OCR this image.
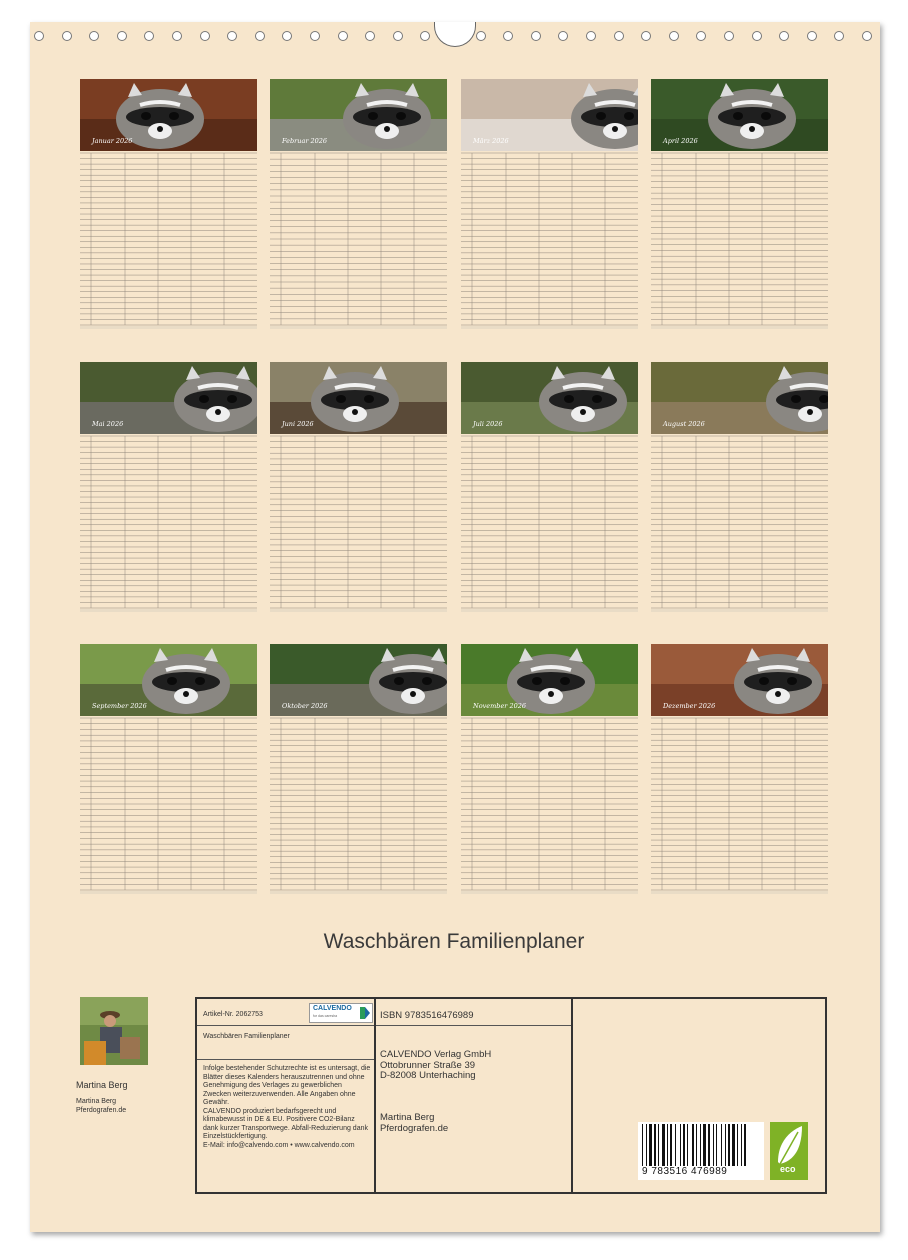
Januar 2026	Februar 2026	März 2026	April 2026
Mai 2026	Juni 2026	Juli 2026	August 2026
September 2026	Oktober 2026	November 2026	Dezember 2026
Waschbären Familienplaner
Martina Berg
Martina Berg
Pferdografen.de
Artikel-Nr. 2062753
CALVENDO
for das caresha
Waschbären Familienplaner
Infolge bestehender Schutzrechte ist es untersagt, die Blätter dieses Kalenders herauszutrennen und ohne Genehmigung des Verlages zu gewerblichen Zwecken weiterzuverwenden. Alle Angaben ohne Gewähr.
CALVENDO produziert bedarfsgerecht und klimabewusst in DE & EU. Positivere CO2-Bilanz dank kurzer Transportwege. Abfall-Reduzierung dank Einzelstückfertigung.
E-Mail: info@calvendo.com • www.calvendo.com
ISBN 9783516476989
CALVENDO Verlag GmbH
Ottobrunner Straße 39
D-82008 Unterhaching
Martina Berg
Pferdografen.de
9 783516 476989	eco
